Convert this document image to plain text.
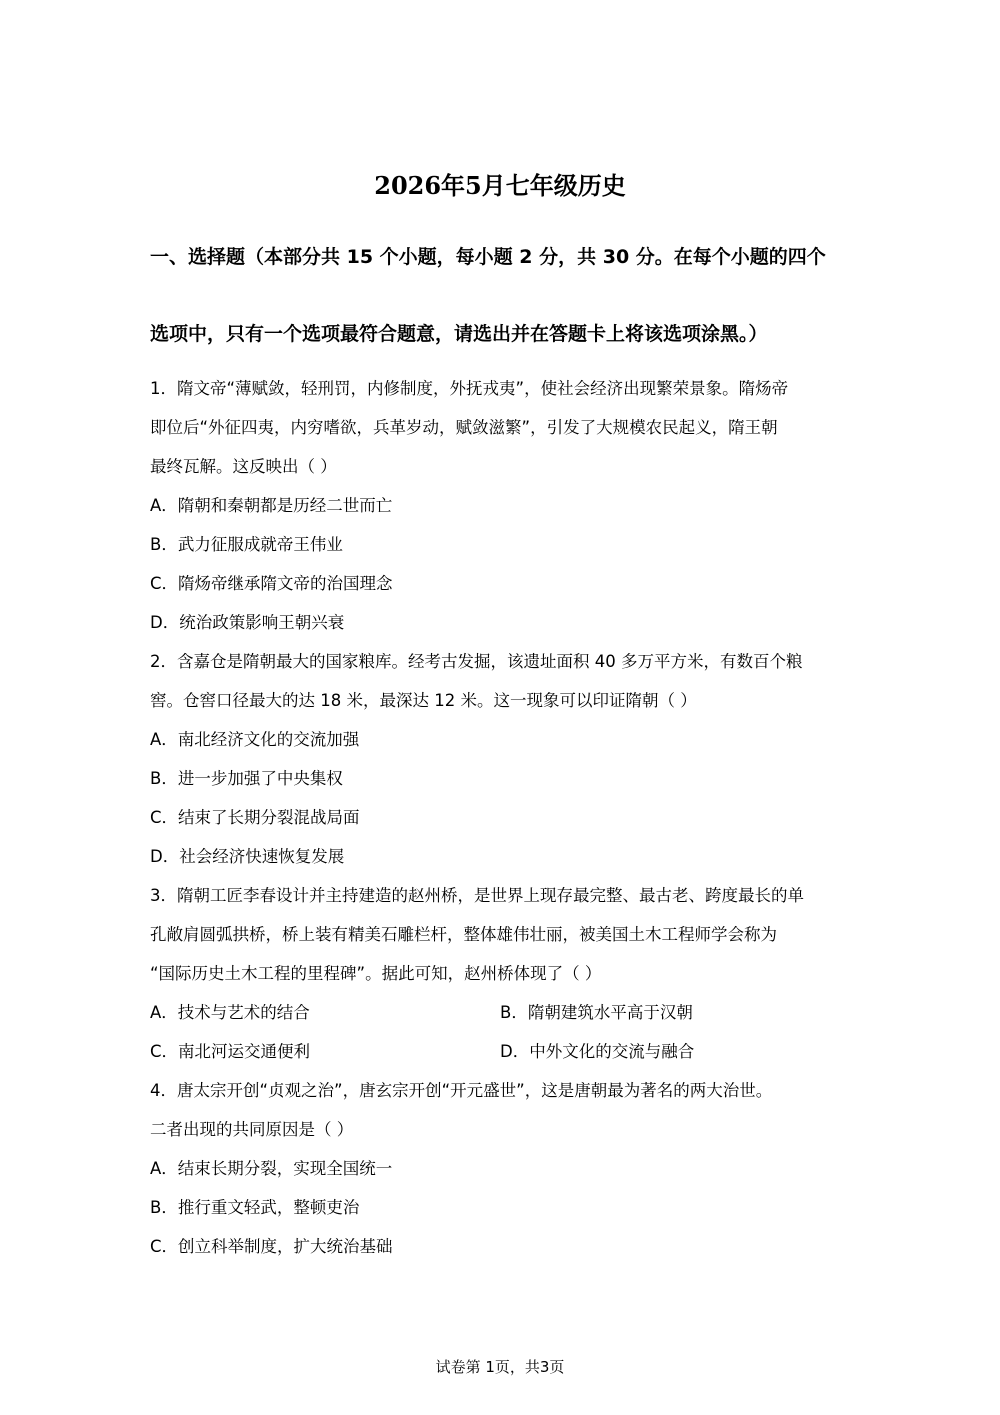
2026年5月七年级历史
一、选择题（本部分共 15 个小题，每小题 2 分，共 30 分。在每个小题的四个
选项中，只有一个选项最符合题意，请选出并在答题卡上将该选项涂黑。）
1．隋文帝“薄赋敛，轻刑罚，内修制度，外抚戎夷”，使社会经济出现繁荣景象。隋炀帝
即位后“外征四夷，内穷嗜欲，兵革岁动，赋敛滋繁”，引发了大规模农民起义，隋王朝
最终瓦解。这反映出（ ）
A．隋朝和秦朝都是历经二世而亡
B．武力征服成就帝王伟业
C．隋炀帝继承隋文帝的治国理念
D．统治政策影响王朝兴衰
2．含嘉仓是隋朝最大的国家粮库。经考古发掘，该遗址面积 40 多万平方米，有数百个粮
窖。仓窖口径最大的达 18 米，最深达 12 米。这一现象可以印证隋朝（ ）
A．南北经济文化的交流加强
B．进一步加强了中央集权
C．结束了长期分裂混战局面
D．社会经济快速恢复发展
3．隋朝工匠李春设计并主持建造的赵州桥，是世界上现存最完整、最古老、跨度最长的单
孔敞肩圆弧拱桥，桥上装有精美石雕栏杆，整体雄伟壮丽，被美国土木工程师学会称为
“国际历史土木工程的里程碑”。据此可知，赵州桥体现了（ ）
A．技术与艺术的结合	B．隋朝建筑水平高于汉朝
C．南北河运交通便利	D．中外文化的交流与融合
4．唐太宗开创“贞观之治”，唐玄宗开创“开元盛世”，这是唐朝最为著名的两大治世。
二者出现的共同原因是（ ）
A．结束长期分裂，实现全国统一
B．推行重文轻武，整顿吏治
C．创立科举制度，扩大统治基础
试卷第 1页，共3页
